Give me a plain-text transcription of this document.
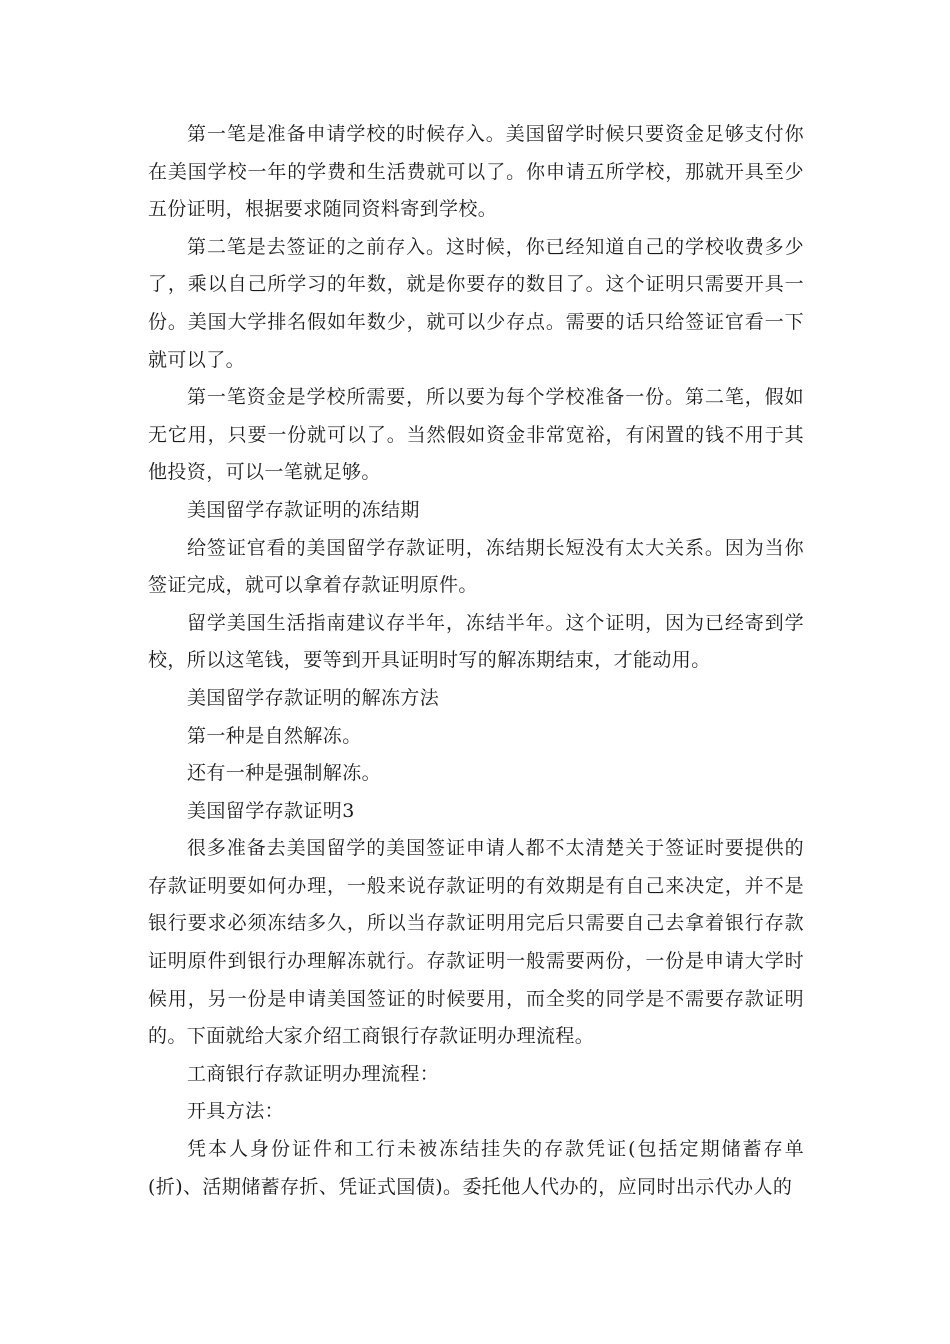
第一笔是准备申请学校的时候存入。美国留学时候只要资金足够支付你在美国学校一年的学费和生活费就可以了。你申请五所学校，那就开具至少五份证明，根据要求随同资料寄到学校。

第二笔是去签证的之前存入。这时候，你已经知道自己的学校收费多少了，乘以自己所学习的年数，就是你要存的数目了。这个证明只需要开具一份。美国大学排名假如年数少，就可以少存点。需要的话只给签证官看一下就可以了。

第一笔资金是学校所需要，所以要为每个学校准备一份。第二笔，假如无它用，只要一份就可以了。当然假如资金非常宽裕，有闲置的钱不用于其他投资，可以一笔就足够。

美国留学存款证明的冻结期

给签证官看的美国留学存款证明，冻结期长短没有太大关系。因为当你签证完成，就可以拿着存款证明原件。

留学美国生活指南建议存半年，冻结半年。这个证明，因为已经寄到学校，所以这笔钱，要等到开具证明时写的解冻期结束，才能动用。

美国留学存款证明的解冻方法

第一种是自然解冻。

还有一种是强制解冻。

美国留学存款证明3

很多准备去美国留学的美国签证申请人都不太清楚关于签证时要提供的存款证明要如何办理，一般来说存款证明的有效期是有自己来决定，并不是银行要求必须冻结多久，所以当存款证明用完后只需要自己去拿着银行存款证明原件到银行办理解冻就行。存款证明一般需要两份，一份是申请大学时候用，另一份是申请美国签证的时候要用，而全奖的同学是不需要存款证明的。下面就给大家介绍工商银行存款证明办理流程。

工商银行存款证明办理流程：

开具方法：

凭本人身份证件和工行未被冻结挂失的存款凭证(包括定期储蓄存单(折)、活期储蓄存折、凭证式国债)。委托他人代办的，应同时出示代办人的
